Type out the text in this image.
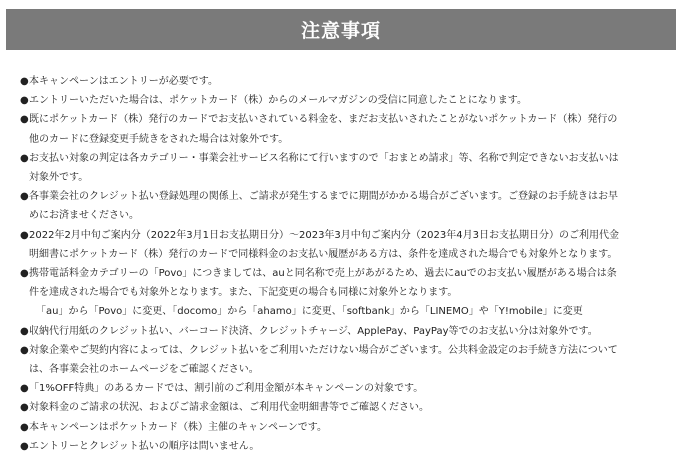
注意事項
● 本キャンペーンはエントリーが必要です。
● エントリーいただいた場合は、ポケットカード（株）からのメールマガジンの受信に同意したことになります。
● 既にポケットカード（株）発行のカードでお支払いされている料金を、まだお支払いされたことがないポケットカード（株）発行の
他のカードに登録変更手続きをされた場合は対象外です。
● お支払い対象の判定は各カテゴリー・事業会社サービス名称にて行いますので「おまとめ請求」等、名称で判定できないお支払いは
対象外です。
● 各事業会社のクレジット払い登録処理の関係上、ご請求が発生するまでに期間がかかる場合がございます。ご登録のお手続きはお早
めにお済ませください。
● 2022年2月中旬ご案内分（2022年3月1日お支払期日分）～2023年3月中旬ご案内分（2023年4月3日お支払期日分）のご利用代金
明細書にポケットカード（株）発行のカードで同様料金のお支払い履歴がある方は、条件を達成された場合でも対象外となります。
● 携帯電話料金カテゴリーの「Povo」につきましては、auと同名称で売上があがるため、過去にauでのお支払い履歴がある場合は条
件を達成された場合でも対象外となります。また、下記変更の場合も同様に対象外となります。
「au」から「Povo」に変更、「docomo」から「ahamo」に変更、「softbank」から「LINEMO」や「Y!mobile」に変更
● 収納代行用紙のクレジット払い、バーコード決済、クレジットチャージ、ApplePay、PayPay等でのお支払い分は対象外です。
● 対象企業やご契約内容によっては、クレジット払いをご利用いただけない場合がございます。公共料金設定のお手続き方法について
は、各事業会社のホームページをご確認ください。
● 「1%OFF特典」のあるカードでは、割引前のご利用金額が本キャンペーンの対象です。
● 対象料金のご請求の状況、およびご請求金額は、ご利用代金明細書等でご確認ください。
● 本キャンペーンはポケットカード（株）主催のキャンペーンです。
● エントリーとクレジット払いの順序は問いません。
